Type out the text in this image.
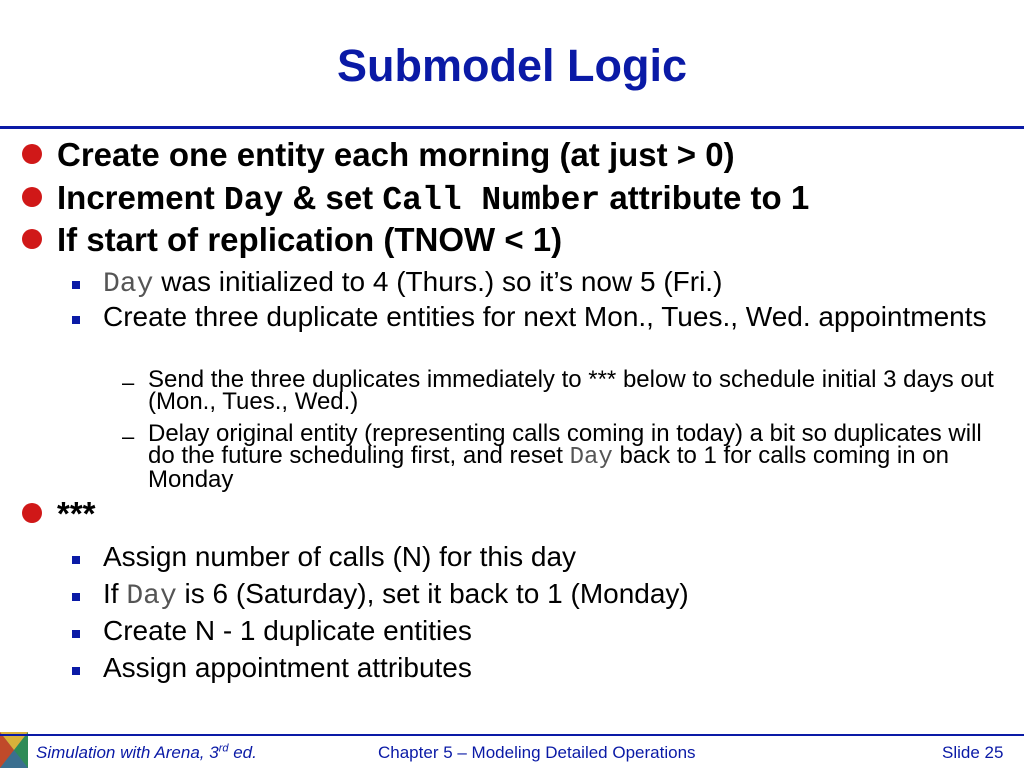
Submodel Logic
Create one entity each morning (at just > 0)
Increment Day & set Call Number attribute to 1
If start of replication (TNOW < 1)
Day was initialized to 4 (Thurs.) so it’s now 5 (Fri.)
Create three duplicate entities for next Mon., Tues., Wed. appointments
– Send the three duplicates immediately to *** below to schedule initial 3 days out (Mon., Tues., Wed.)
– Delay original entity (representing calls coming in today) a bit so duplicates will do the future scheduling first, and reset Day back to 1 for calls coming in on Monday
***
Assign number of calls (N) for this day
If Day is 6 (Saturday), set it back to 1 (Monday)
Create N - 1 duplicate entities
Assign appointment attributes
Simulation with Arena, 3rd ed.	Chapter 5 – Modeling Detailed Operations	Slide 25
